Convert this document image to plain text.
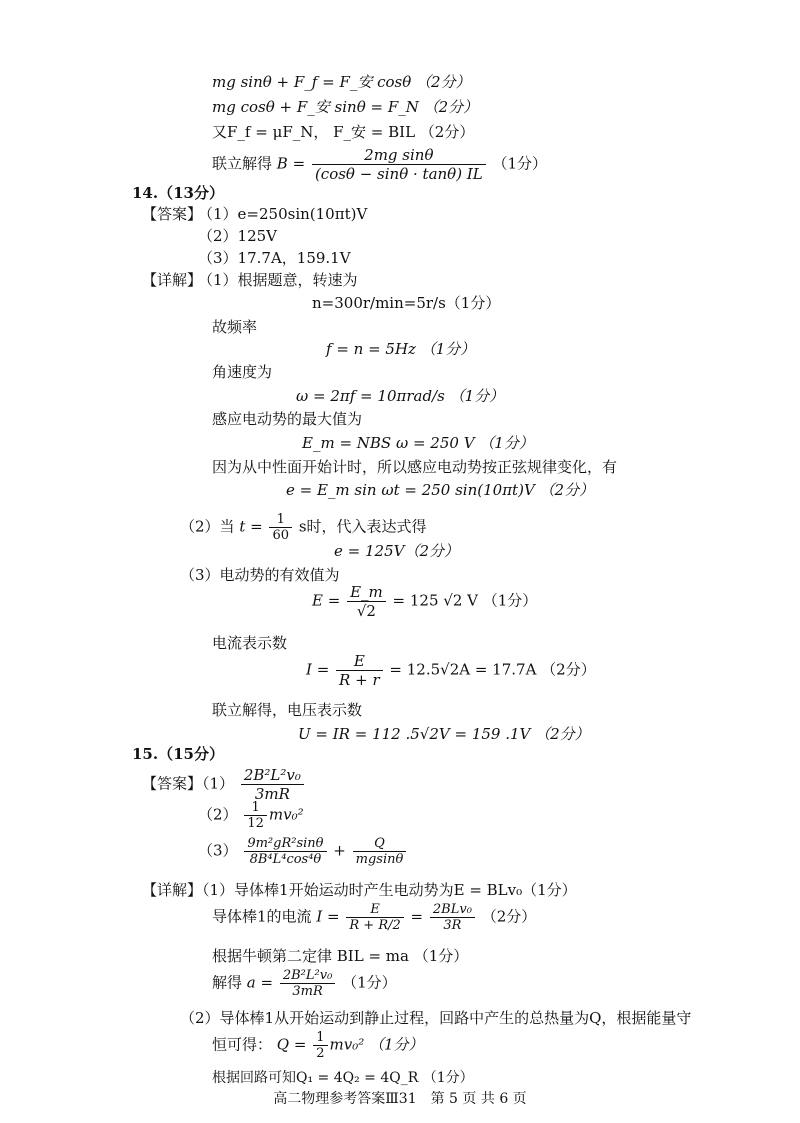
mg sinθ + F_f = F_安 cosθ （2分）
mg cosθ + F_安 sinθ = F_N （2分）
又F_f = μF_N， F_安 = BIL （2分）
联立解得 $B = \frac{\text{2mg sinθ}}{(\cos\theta - \sin\theta \cdot \tan\theta) IL} (1$分）
14.（13分）
【答案】
（1）e=250sin(10πt)V
（2）125V
（3）17.7A，159.1V
【详解】
（1）根据题意，转速为
n=300r/min=5r/s（1分）
故频率
f = n = 5Hz （1分）
角速度为
ω = 2πf = 10πrad/s （1分）
感应电动势的最大值为
E_m = NBS ω = 250 V （1分）
因为从中性面开始计时，所以感应电动势按正弦规律变化，有
e = E_m sin ωt = 250 sin(10πt)V （2分）
（2）当 $t = \frac{1}{60}$ s时，代入表达式得
e = 125V（2分）
（3）电动势的有效值为
$E = \frac{E\_m}{√2} = 125$ √2 V （1分）
电流表示数
$I = \frac{E}{R + r} = 12.5√2A = 17.7A$ （2分）
联立解得，电压表示数
U = IR = 112 .5√2V = 159 .1V （2分）
15.（15分）
【答案】$(1) \frac{\text{2B²L²v₀}}{3mR}$
$(2) \frac{1}{12} mv_0^2$
$(3) \frac{\text{9m²gR²sinθ}}{\text{8B⁴L⁴cos⁴θ}} + \frac{Q}{mgsin\theta}$
【详解】（1）导体棒1开始运动时产生电动势为E = BLv₀（1分）
导体棒1的电流 $I = \frac{E}{R + R/2} = \frac{\text{2BLv₀}}{3R} (2$分）
根据牛顿第二定律 BIL = ma （1分）
解得 $a = \frac{\text{2B²L²v₀}}{3mR} (1$分）
（2）导体棒1从开始运动到静止过程，回路中产生的总热量为Q，根据能量守
恒可得： $Q = \frac{1}{2} mv_0^2$ （1分）
根据回路可知Q₁ = 4Q₂ = 4Q_R （1分）
高二物理参考答案Ⅲ31　第 5 页 共 6 页
